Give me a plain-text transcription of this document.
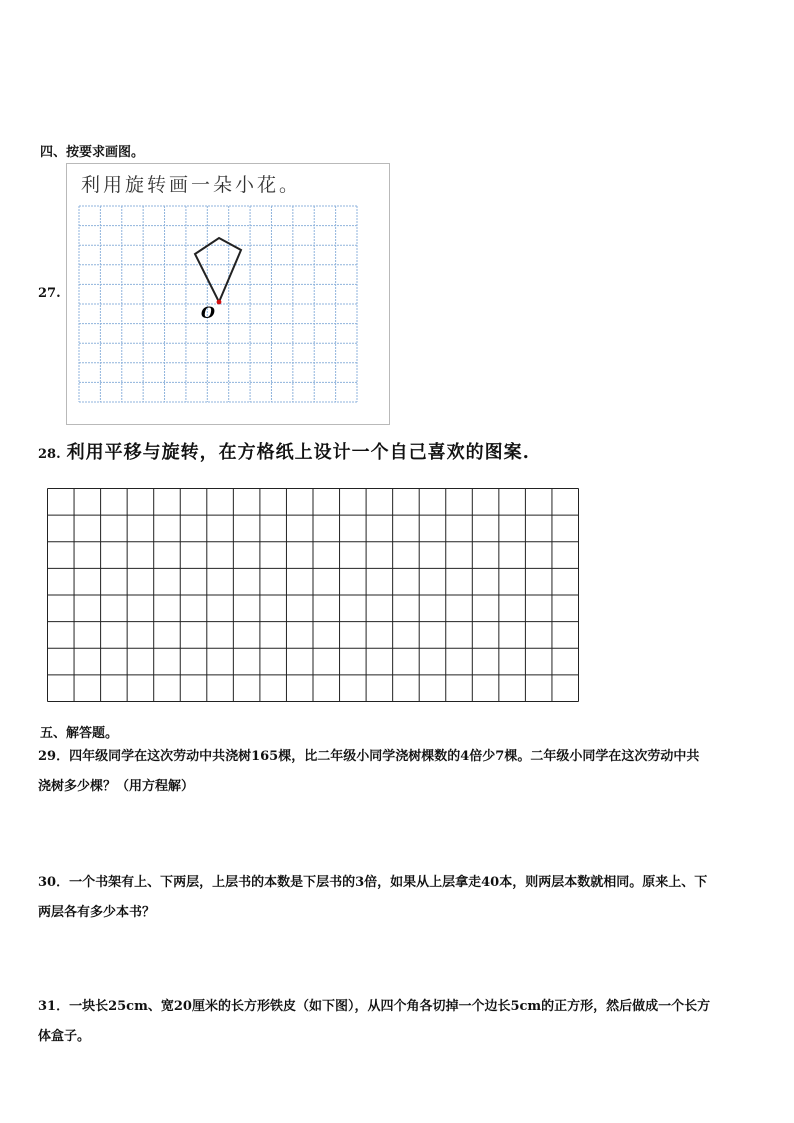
四、按要求画图。
27.
利用旋转画一朵小花。
O
28. 利用平移与旋转，在方格纸上设计一个自己喜欢的图案.
五、解答题。
29．四年级同学在这次劳动中共浇树165棵，比二年级小同学浇树棵数的4倍少7棵。二年级小同学在这次劳动中共
浇树多少棵？（用方程解）
30．一个书架有上、下两层，上层书的本数是下层书的3倍，如果从上层拿走40本，则两层本数就相同。原来上、下
两层各有多少本书？
31．一块长25cm、宽20厘米的长方形铁皮（如下图），从四个角各切掉一个边长5cm的正方形，然后做成一个长方
体盒子。
